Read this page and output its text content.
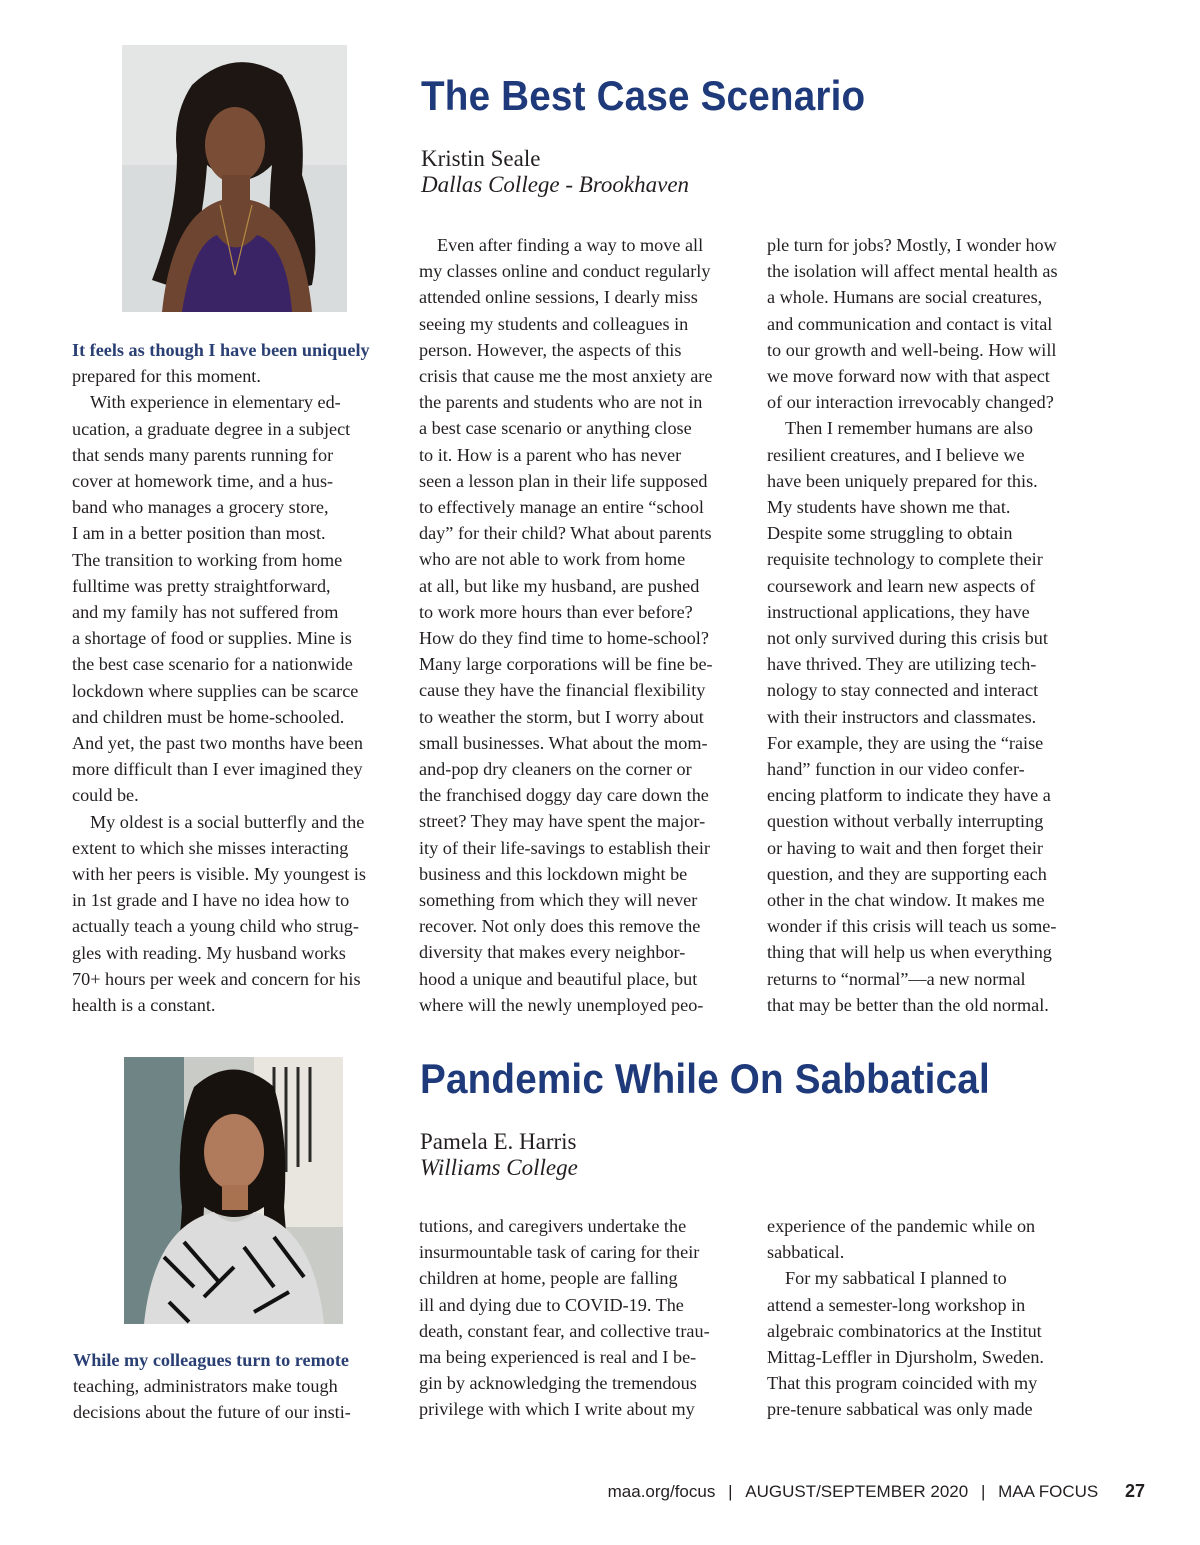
The Best Case Scenario
Kristin Seale
Dallas College - Brookhaven
It feels as though I have been uniquely
prepared for this moment.
With experience in elementary ed-
ucation, a graduate degree in a subject
that sends many parents running for
cover at homework time, and a hus-
band who manages a grocery store,
I am in a better position than most.
The transition to working from home
fulltime was pretty straightforward,
and my family has not suffered from
a shortage of food or supplies. Mine is
the best case scenario for a nationwide
lockdown where supplies can be scarce
and children must be home-schooled.
And yet, the past two months have been
more difficult than I ever imagined they
could be.
My oldest is a social butterfly and the
extent to which she misses interacting
with her peers is visible. My youngest is
in 1st grade and I have no idea how to
actually teach a young child who strug-
gles with reading. My husband works
70+ hours per week and concern for his
health is a constant.
Even after finding a way to move all
my classes online and conduct regularly
attended online sessions, I dearly miss
seeing my students and colleagues in
person. However, the aspects of this
crisis that cause me the most anxiety are
the parents and students who are not in
a best case scenario or anything close
to it. How is a parent who has never
seen a lesson plan in their life supposed
to effectively manage an entire “school
day” for their child? What about parents
who are not able to work from home
at all, but like my husband, are pushed
to work more hours than ever before?
How do they find time to home-school?
Many large corporations will be fine be-
cause they have the financial flexibility
to weather the storm, but I worry about
small businesses. What about the mom-
and-pop dry cleaners on the corner or
the franchised doggy day care down the
street? They may have spent the major-
ity of their life-savings to establish their
business and this lockdown might be
something from which they will never
recover. Not only does this remove the
diversity that makes every neighbor-
hood a unique and beautiful place, but
where will the newly unemployed peo-
ple turn for jobs? Mostly, I wonder how
the isolation will affect mental health as
a whole. Humans are social creatures,
and communication and contact is vital
to our growth and well-being. How will
we move forward now with that aspect
of our interaction irrevocably changed?
Then I remember humans are also
resilient creatures, and I believe we
have been uniquely prepared for this.
My students have shown me that.
Despite some struggling to obtain
requisite technology to complete their
coursework and learn new aspects of
instructional applications, they have
not only survived during this crisis but
have thrived. They are utilizing tech-
nology to stay connected and interact
with their instructors and classmates.
For example, they are using the “raise
hand” function in our video confer-
encing platform to indicate they have a
question without verbally interrupting
or having to wait and then forget their
question, and they are supporting each
other in the chat window. It makes me
wonder if this crisis will teach us some-
thing that will help us when everything
returns to “normal”—a new normal
that may be better than the old normal.
Pandemic While On Sabbatical
Pamela E. Harris
Williams College
While my colleagues turn to remote
teaching, administrators make tough
decisions about the future of our insti-
tutions, and caregivers undertake the
insurmountable task of caring for their
children at home, people are falling
ill and dying due to COVID-19. The
death, constant fear, and collective trau-
ma being experienced is real and I be-
gin by acknowledging the tremendous
privilege with which I write about my
experience of the pandemic while on
sabbatical.
For my sabbatical I planned to
attend a semester-long workshop in
algebraic combinatorics at the Institut
Mittag-Leffler in Djursholm, Sweden.
That this program coincided with my
pre-tenure sabbatical was only made
maa.org/focus | AUGUST/SEPTEMBER 2020 | MAA FOCUS 27
